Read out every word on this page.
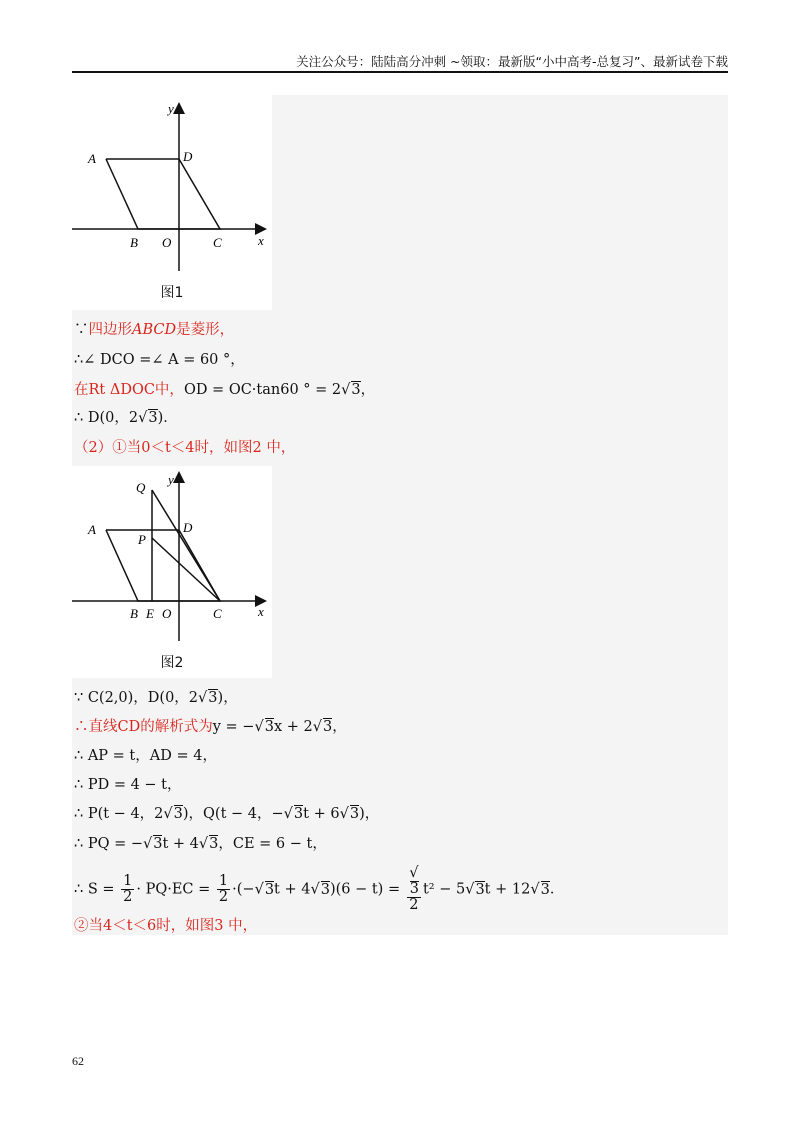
关注公众号：陆陆高分冲刺 ~领取：最新版“小中高考-总复习”、最新试卷下载
A	D
B O	C	x
y
图1
∵四边形ABCD是菱形，
∴∠ DCO =∠ A = 60 °，
在Rt ΔDOC中，OD = OC·tan60 ° = 2√3，
∴ D(0，2√3)．
（2）①当0＜t＜4时，如图2 中，
A
Q
P
D
B E O	C	x
y
图2
∵ C(2,0)，D(0，2√3)，
∴直线CD的解析式为y = −√3x + 2√3，
∴ AP = t，AD = 4，
∴ PD = 4 − t，
∴ P(t − 4，2√3)，Q(t − 4，−√3t + 6√3)，
∴ PQ = −√3t + 4√3，CE = 6 − t，
∴ $S = \frac{1}{2} \cdot PQ\cdot EC = \frac{1}{2} \cdot(-√3t + 4√3)(6 - t)$ = √
3
2 t² − 5√3t + 12√3．
②当4＜t＜6时，如图3 中，
62
